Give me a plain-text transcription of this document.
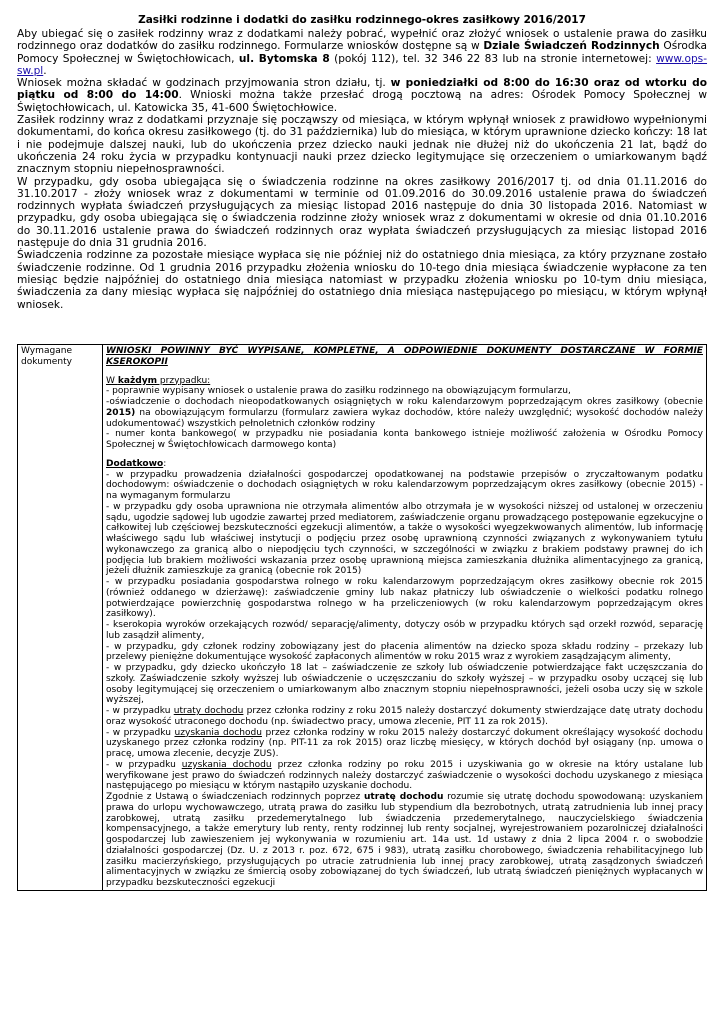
Zasiłki rodzinne i dodatki do zasiłku rodzinnego-okres zasiłkowy 2016/2017

Aby ubiegać się o zasiłek rodzinny wraz z dodatkami należy pobrać, wypełnić oraz złożyć wniosek o ustalenie prawa do zasiłku rodzinnego oraz dodatków do zasiłku rodzinnego. Formularze wniosków dostępne są w Dziale Świadczeń Rodzinnych Ośrodka Pomocy Społecznej w Świętochłowicach, ul. Bytomska 8 (pokój 112), tel. 32 346 22 83 lub na stronie internetowej: www.ops-sw.pl.

Wniosek można składać w godzinach przyjmowania stron działu, tj. w poniedziałki od 8:00 do 16:30 oraz od wtorku do piątku od 8:00 do 14:00. Wnioski można także przesłać drogą pocztową na adres: Ośrodek Pomocy Społecznej w Świętochłowicach, ul. Katowicka 35, 41-600 Świętochłowice.

Zasiłek rodzinny wraz z dodatkami przyznaje się począwszy od miesiąca, w którym wpłynął wniosek z prawidłowo wypełnionymi dokumentami, do końca okresu zasiłkowego (tj. do 31 października) lub do miesiąca, w którym uprawnione dziecko kończy: 18 lat i nie podejmuje dalszej nauki, lub do ukończenia przez dziecko nauki jednak nie dłużej niż do ukończenia 21 lat, bądź do ukończenia 24 roku życia w przypadku kontynuacji nauki przez dziecko legitymujące się orzeczeniem o umiarkowanym bądź znacznym stopniu niepełnosprawności.

W przypadku, gdy osoba ubiegająca się o świadczenia rodzinne na okres zasiłkowy 2016/2017 tj. od dnia 01.11.2016 do 31.10.2017 - złoży wniosek wraz z dokumentami w terminie od 01.09.2016 do 30.09.2016 ustalenie prawa do świadczeń rodzinnych wypłata świadczeń przysługujących za miesiąc listopad 2016 następuje do dnia 30 listopada 2016. Natomiast w przypadku, gdy osoba ubiegająca się o świadczenia rodzinne złoży wniosek wraz z dokumentami w okresie od dnia 01.10.2016 do 30.11.2016 ustalenie prawa do świadczeń rodzinnych oraz wypłata świadczeń przysługujących za miesiąc listopad 2016 następuje do dnia 31 grudnia 2016.

Świadczenia rodzinne za pozostałe miesiące wypłaca się nie później niż do ostatniego dnia miesiąca, za który przyznane zostało świadczenie rodzinne. Od 1 grudnia 2016 przypadku złożenia wniosku do 10-tego dnia miesiąca świadczenie wypłacone za ten miesiąc będzie najpóźniej do ostatniego dnia miesiąca natomiast w przypadku złożenia wniosku po 10-tym dniu miesiąca, świadczenia za dany miesiąc wypłaca się najpóźniej do ostatniego dnia miesiąca następującego po miesiącu, w którym wpłynął wniosek.

Wymagane dokumenty	
WNIOSKI POWINNY BYĆ WYPISANE, KOMPLETNE, A ODPOWIEDNIE DOKUMENTY DOSTARCZANE W FORMIE KSEROKOPII
W każdym przypadku:
- poprawnie wypisany wniosek o ustalenie prawa do zasiłku rodzinnego na obowiązującym formularzu,
-oświadczenie o dochodach nieopodatkowanych osiągniętych w roku kalendarzowym poprzedzającym okres zasiłkowy (obecnie 2015) na obowiązującym formularzu (formularz zawiera wykaz dochodów, które należy uwzględnić; wysokość dochodów należy udokumentować) wszystkich pełnoletnich członków rodziny
- numer konta bankowego( w przypadku nie posiadania konta bankowego istnieje możliwość założenia w Ośrodku Pomocy Społecznej w Świętochłowicach darmowego konta)
Dodatkowo:
- w przypadku prowadzenia działalności gospodarczej opodatkowanej na podstawie przepisów o zryczałtowanym podatku dochodowym: oświadczenie o dochodach osiągniętych w roku kalendarzowym poprzedzającym okres zasiłkowy (obecnie 2015) - na wymaganym formularzu
- w przypadku gdy osoba uprawniona nie otrzymała alimentów albo otrzymała je w wysokości niższej od ustalonej w orzeczeniu sądu, ugodzie sądowej lub ugodzie zawartej przed mediatorem, zaświadczenie organu prowadzącego postępowanie egzekucyjne o całkowitej lub częściowej bezskuteczności egzekucji alimentów, a także o wysokości wyegzekwowanych alimentów, lub informację właściwego sądu lub właściwej instytucji o podjęciu przez osobę uprawnioną czynności związanych z wykonywaniem tytułu wykonawczego za granicą albo o niepodjęciu tych czynności, w szczególności w związku z brakiem podstawy prawnej do ich podjęcia lub brakiem możliwości wskazania przez osobę uprawnioną miejsca zamieszkania dłużnika alimentacyjnego za granicą, jeżeli dłużnik zamieszkuje za granicą (obecnie rok 2015)
- w przypadku posiadania gospodarstwa rolnego w roku kalendarzowym poprzedzającym okres zasiłkowy obecnie rok 2015 (również oddanego w dzierżawę): zaświadczenie gminy lub nakaz płatniczy lub oświadczenie o wielkości podatku rolnego potwierdzające powierzchnię gospodarstwa rolnego w ha przeliczeniowych (w roku kalendarzowym poprzedzającym okres zasiłkowy).
- kserokopia wyroków orzekających rozwód/ separację/alimenty, dotyczy osób w przypadku których sąd orzekł rozwód, separację lub zasądził alimenty,
- w przypadku, gdy członek rodziny zobowiązany jest do płacenia alimentów na dziecko spoza składu rodziny – przekazy lub przelewy pieniężne dokumentujące wysokość zapłaconych alimentów w roku 2015 wraz z wyrokiem zasądzającym alimenty,
- w przypadku, gdy dziecko ukończyło 18 lat – zaświadczenie ze szkoły lub oświadczenie potwierdzające fakt uczęszczania do szkoły. Zaświadczenie szkoły wyższej lub oświadczenie o uczęszczaniu do szkoły wyższej – w przypadku osoby uczącej się lub osoby legitymującej się orzeczeniem o umiarkowanym albo znacznym stopniu niepełnosprawności, jeżeli osoba uczy się w szkole wyższej,
- w przypadku utraty dochodu przez członka rodziny z roku 2015 należy dostarczyć dokumenty stwierdzające datę utraty dochodu oraz wysokość utraconego dochodu (np. świadectwo pracy, umowa zlecenie, PIT 11 za rok 2015).
- w przypadku uzyskania dochodu przez członka rodziny w roku 2015 należy dostarczyć dokument określający wysokość dochodu uzyskanego przez członka rodziny (np. PIT-11 za rok 2015) oraz liczbę miesięcy, w których dochód był osiągany (np. umowa o pracę, umowa zlecenie, decyzje ZUS).
- w przypadku uzyskania dochodu przez członka rodziny po roku 2015 i uzyskiwania go w okresie na który ustalane lub weryfikowane jest prawo do świadczeń rodzinnych należy dostarczyć zaświadczenie o wysokości dochodu uzyskanego z miesiąca następującego po miesiącu w którym nastąpiło uzyskanie dochodu.
Zgodnie z Ustawą o świadczeniach rodzinnych poprzez utratę dochodu rozumie się utratę dochodu spowodowaną: uzyskaniem prawa do urlopu wychowawczego, utratą prawa do zasiłku lub stypendium dla bezrobotnych, utratą zatrudnienia lub innej pracy zarobkowej, utratą zasiłku przedemerytalnego lub świadczenia przedemerytalnego, nauczycielskiego świadczenia kompensacyjnego, a także emerytury lub renty, renty rodzinnej lub renty socjalnej, wyrejestrowaniem pozarolniczej działalności gospodarczej lub zawieszeniem jej wykonywania w rozumieniu art. 14a ust. 1d ustawy z dnia 2 lipca 2004 r. o swobodzie działalności gospodarczej (Dz. U. z 2013 r. poz. 672, 675 i 983), utratą zasiłku chorobowego, świadczenia rehabilitacyjnego lub zasiłku macierzyńskiego, przysługujących po utracie zatrudnienia lub innej pracy zarobkowej, utratą zasądzonych świadczeń alimentacyjnych w związku ze śmiercią osoby zobowiązanej do tych świadczeń, lub utratą świadczeń pieniężnych wypłacanych w przypadku bezskuteczności egzekucji
